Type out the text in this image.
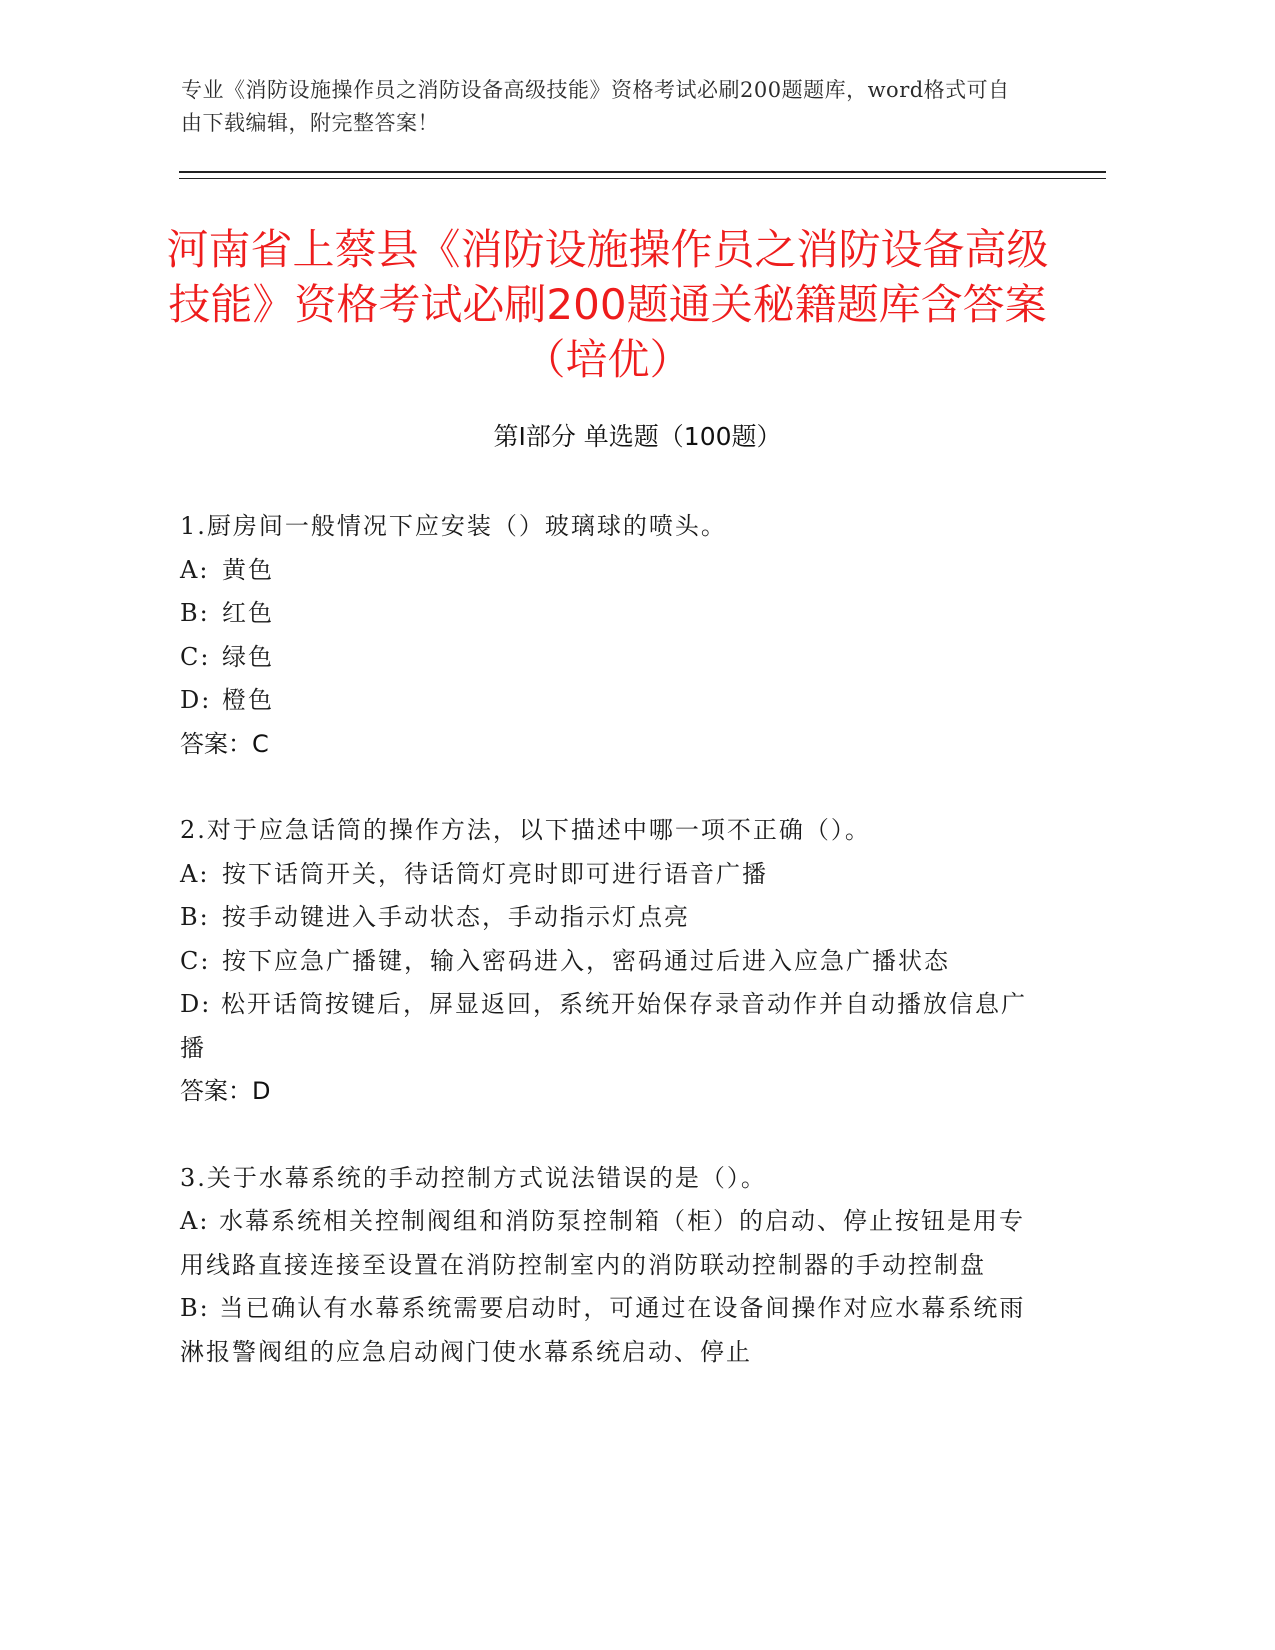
专业《消防设施操作员之消防设备高级技能》资格考试必刷200题题库，word格式可自由下载编辑，附完整答案！
河南省上蔡县《消防设施操作员之消防设备高级技能》资格考试必刷200题通关秘籍题库含答案（培优）
第Ⅰ部分 单选题（100题）

1.厨房间一般情况下应安装（）玻璃球的喷头。

A: 黄色

B: 红色

C: 绿色

D: 橙色

答案：C

2.对于应急话筒的操作方法，以下描述中哪一项不正确（）。

A: 按下话筒开关，待话筒灯亮时即可进行语音广播

B: 按手动键进入手动状态，手动指示灯点亮

C: 按下应急广播键，输入密码进入，密码通过后进入应急广播状态

D: 松开话筒按键后，屏显返回，系统开始保存录音动作并自动播放信息广播

答案：D

3.关于水幕系统的手动控制方式说法错误的是（）。

A: 水幕系统相关控制阀组和消防泵控制箱（柜）的启动、停止按钮是用专用线路直接连接至设置在消防控制室内的消防联动控制器的手动控制盘

B: 当已确认有水幕系统需要启动时，可通过在设备间操作对应水幕系统雨淋报警阀组的应急启动阀门使水幕系统启动、停止
